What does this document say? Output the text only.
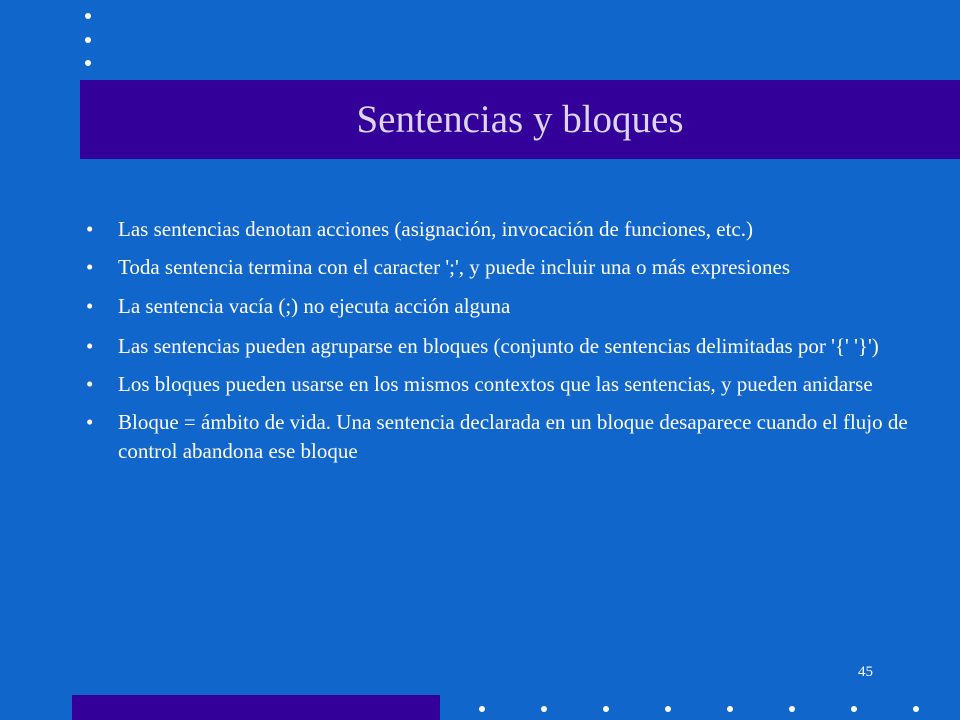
Sentencias y bloques
• Las sentencias denotan acciones (asignación, invocación de funciones, etc.)
• Toda sentencia termina con el caracter ';', y puede incluir una o más expresiones
• La sentencia vacía (;) no ejecuta acción alguna
• Las sentencias pueden agruparse en bloques (conjunto de sentencias delimitadas por '{' '}')
• Los bloques pueden usarse en los mismos contextos que las sentencias, y pueden anidarse
• Bloque = ámbito de vida. Una sentencia declarada en un bloque desaparece cuando el flujo de control abandona ese bloque
45
